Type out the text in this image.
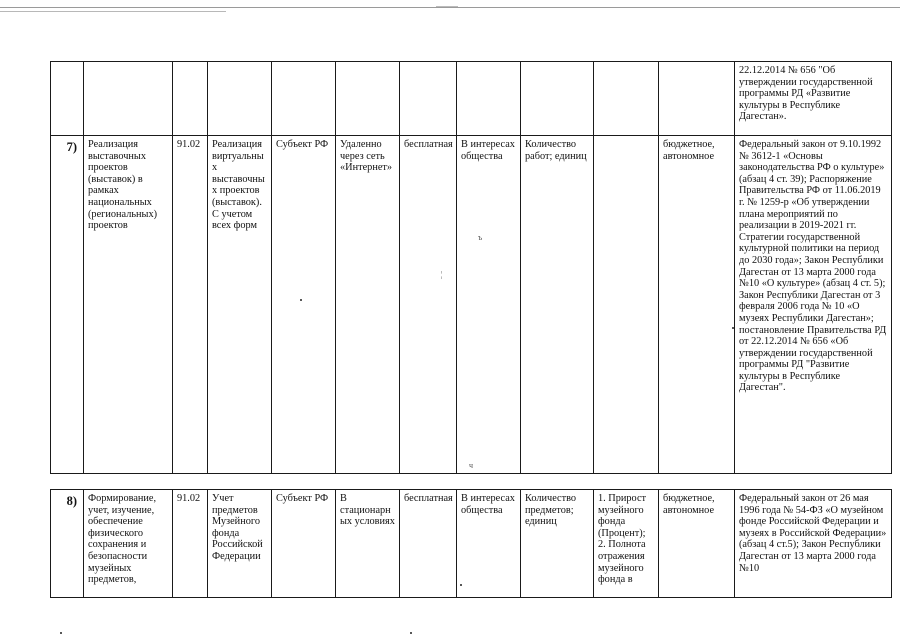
											22.12.2014 № 656 "Об утверждении государственной программы РД «Развитие культуры в Республике Дагестан».
7)	Реализация выставочных проектов (выставок) в рамках национальных (региональных) проектов	91.02	Реализация виртуальных выставочны х проектов (выставок). С учетом всех форм	Субъект РФ	Удаленно через сеть «Интернет»	бесплатная	В интересах общества	Количество работ; единиц		бюджетное, автономное	Федеральный закон от 9.10.1992 № 3612-1 «Основы законодательства РФ о культуре» (абзац 4 ст. 39); Распоряжение Правительства РФ от 11.06.2019 г. № 1259-р «Об утверждении плана мероприятий по реализации в 2019-2021 гг. Стратегии государственной культурной политики на период до 2030 года»; Закон Республики Дагестан от 13 марта 2000 года №10 «О культуре» (абзац 4 ст. 5); Закон Республики Дагестан от 3 февраля 2006 года № 10 «О музеях Республики Дагестан»; постановление Правительства РД от 22.12.2014 № 656 «Об утверждении государственной программы РД "Развитие культуры в Республике Дагестан".

8)	Формирование, учет, изучение, обеспечение физического сохранения и безопасности музейных предметов,	91.02	Учет предметов Музейного фонда Российской Федерации	Субъект РФ	В стационарн ых условиях	бесплатная	В интересах общества	Количество предметов; единиц	1. Прирост музейного фонда (Процент); 2. Полнота отражения музейного фонда в	бюджетное, автономное	Федеральный закон от 26 мая 1996 года № 54-ФЗ «О музейном фонде Российской Федерации и музеях в Российской Федерации» (абзац 4 ст.5); Закон Республики Дагестан от 13 марта 2000 года №10
ъ
¦
ч
